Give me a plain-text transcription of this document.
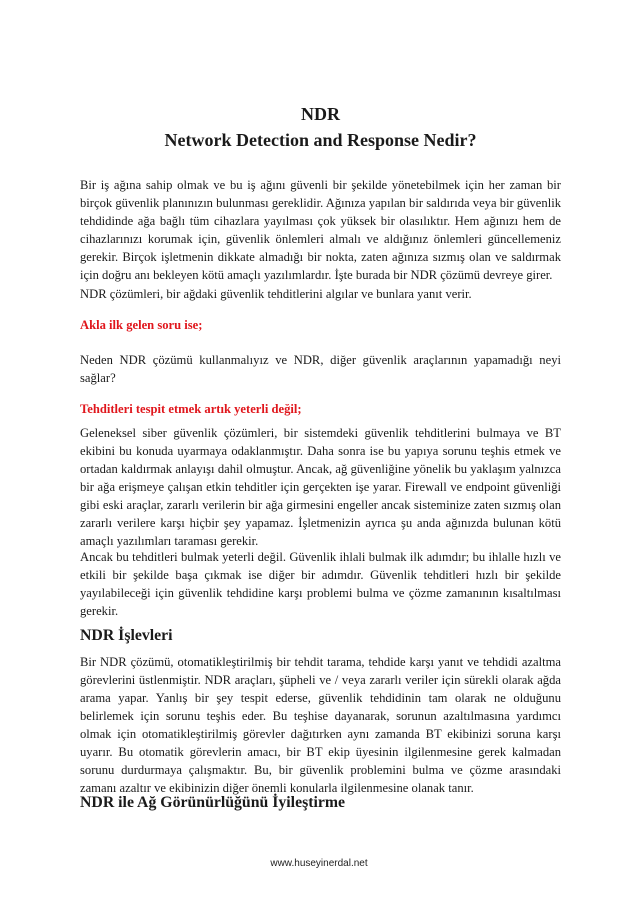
NDR
Network Detection and Response Nedir?

Bir iş ağına sahip olmak ve bu iş ağını güvenli bir şekilde yönetebilmek için her zaman bir birçok güvenlik planınızın bulunması gereklidir. Ağınıza yapılan bir saldırıda veya bir güvenlik tehdidinde ağa bağlı tüm cihazlara yayılması çok yüksek bir olasılıktır. Hem ağınızı hem de cihazlarınızı korumak için, güvenlik önlemleri almalı ve aldığınız önlemleri güncellemeniz gerekir. Birçok işletmenin dikkate almadığı bir nokta, zaten ağınıza sızmış olan ve saldırmak için doğru anı bekleyen kötü amaçlı yazılımlardır. İşte burada bir NDR çözümü devreye girer.

NDR çözümleri, bir ağdaki güvenlik tehditlerini algılar ve bunlara yanıt verir.

Akla ilk gelen soru ise;

Neden NDR çözümü kullanmalıyız ve NDR, diğer güvenlik araçlarının yapamadığı neyi sağlar?

Tehditleri tespit etmek artık yeterli değil;

Geleneksel siber güvenlik çözümleri, bir sistemdeki güvenlik tehditlerini bulmaya ve BT ekibini bu konuda uyarmaya odaklanmıştır. Daha sonra ise bu yapıya sorunu teşhis etmek ve ortadan kaldırmak anlayışı dahil olmuştur. Ancak, ağ güvenliğine yönelik bu yaklaşım yalnızca bir ağa erişmeye çalışan etkin tehditler için gerçekten işe yarar. Firewall ve endpoint güvenliği gibi eski araçlar, zararlı verilerin bir ağa girmesini engeller ancak sisteminize zaten sızmış olan zararlı verilere karşı hiçbir şey yapamaz. İşletmenizin ayrıca şu anda ağınızda bulunan kötü amaçlı yazılımları taraması gerekir.

Ancak bu tehditleri bulmak yeterli değil. Güvenlik ihlali bulmak ilk adımdır; bu ihlalle hızlı ve etkili bir şekilde başa çıkmak ise diğer bir adımdır. Güvenlik tehditleri hızlı bir şekilde yayılabileceği için güvenlik tehdidine karşı problemi bulma ve çözme zamanının kısaltılması gerekir.

NDR İşlevleri

Bir NDR çözümü, otomatikleştirilmiş bir tehdit tarama, tehdide karşı yanıt ve tehdidi azaltma görevlerini üstlenmiştir. NDR araçları, şüpheli ve / veya zararlı veriler için sürekli olarak ağda arama yapar. Yanlış bir şey tespit ederse, güvenlik tehdidinin tam olarak ne olduğunu belirlemek için sorunu teşhis eder. Bu teşhise dayanarak, sorunun azaltılmasına yardımcı olmak için otomatikleştirilmiş görevler dağıtırken aynı zamanda BT ekibinizi soruna karşı uyarır. Bu otomatik görevlerin amacı, bir BT ekip üyesinin ilgilenmesine gerek kalmadan sorunu durdurmaya çalışmaktır. Bu, bir güvenlik problemini bulma ve çözme arasındaki zamanı azaltır ve ekibinizin diğer önemli konularla ilgilenmesine olanak tanır.

NDR ile Ağ Görünürlüğünü İyileştirme
www.huseyinerdal.net
